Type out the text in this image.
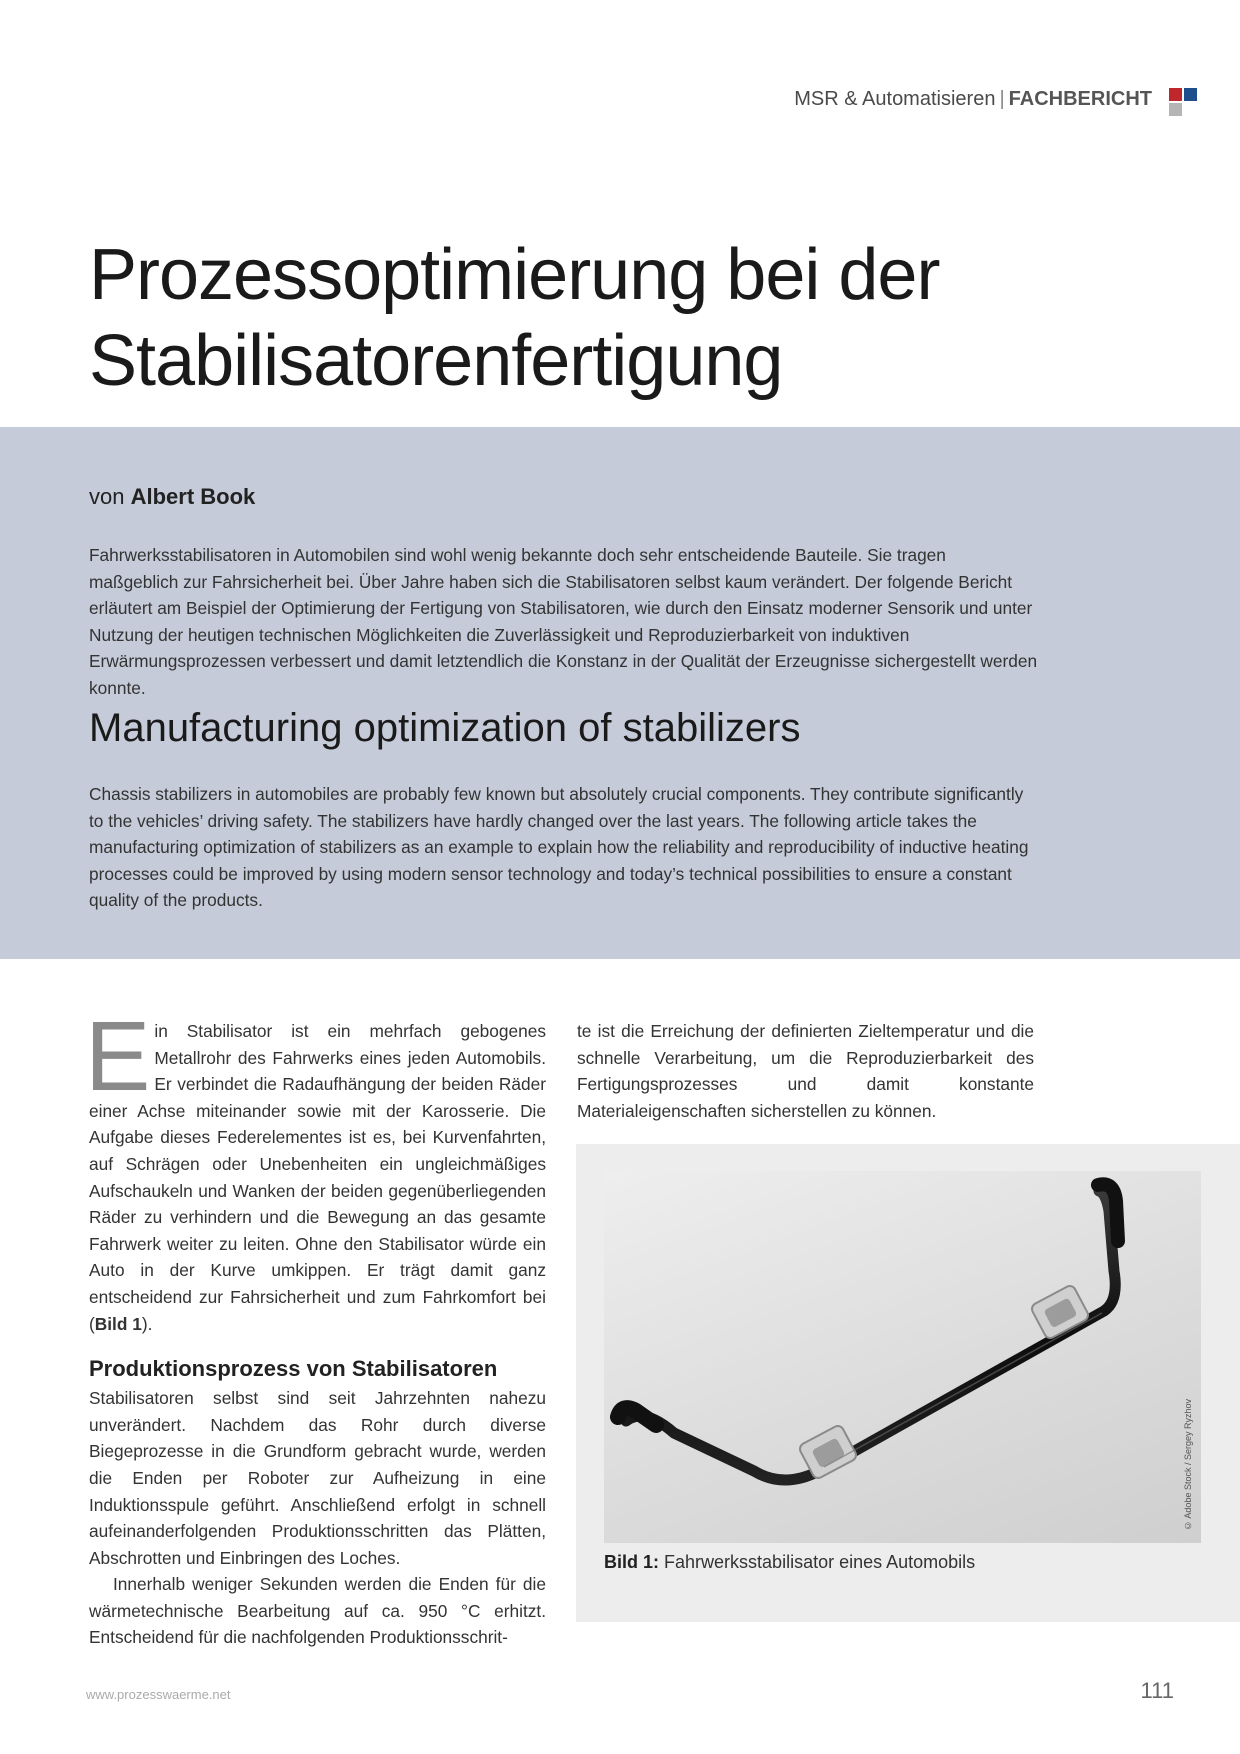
MSR & Automatisieren | FACHBERICHT
Prozessoptimierung bei der
Stabilisatorenfertigung
von Albert Book

Fahrwerksstabilisatoren in Automobilen sind wohl wenig bekannte doch sehr entscheidende Bauteile. Sie tragen maßgeblich zur Fahrsicherheit bei. Über Jahre haben sich die Stabilisatoren selbst kaum verändert. Der folgende Bericht erläutert am Beispiel der Optimierung der Fertigung von Stabilisatoren, wie durch den Einsatz moderner Sensorik und unter Nutzung der heutigen technischen Möglichkeiten die Zuverlässigkeit und Reproduzierbarkeit von induktiven Erwärmungsprozessen verbessert und damit letztendlich die Konstanz in der Qualität der Erzeugnisse sichergestellt werden konnte.

Manufacturing optimization of stabilizers

Chassis stabilizers in automobiles are probably few known but absolutely crucial components. They contribute significantly to the vehicles’ driving safety. The stabilizers have hardly changed over the last years. The following article takes the manufacturing optimization of stabilizers as an example to explain how the reliability and reproducibility of inductive heating processes could be improved by using modern sensor technology and today’s technical possibilities to ensure a constant quality of the products.

Ein Stabilisator ist ein mehrfach gebogenes Metallrohr des Fahrwerks eines jeden Automobils. Er verbindet die Radaufhängung der beiden Räder einer Achse miteinander sowie mit der Karosserie. Die Aufgabe dieses Federelementes ist es, bei Kurvenfahrten, auf Schrägen oder Unebenheiten ein ungleichmäßiges Aufschaukeln und Wanken der beiden gegenüberliegenden Räder zu verhindern und die Bewegung an das gesamte Fahrwerk weiter zu leiten. Ohne den Stabilisator würde ein Auto in der Kurve umkippen. Er trägt damit ganz entscheidend zur Fahrsicherheit und zum Fahrkomfort bei (Bild 1).

Produktionsprozess von Stabilisatoren

Stabilisatoren selbst sind seit Jahrzehnten nahezu unverändert. Nachdem das Rohr durch diverse Biegeprozesse in die Grundform gebracht wurde, werden die Enden per Roboter zur Aufheizung in eine Induktionsspule geführt. Anschließend erfolgt in schnell aufeinanderfolgenden Produktionsschritten das Plätten, Abschrotten und Einbringen des Loches.

Innerhalb weniger Sekunden werden die Enden für die wärmetechnische Bearbeitung auf ca. 950 °C erhitzt. Entscheidend für die nachfolgenden Produktionsschrit-

te ist die Erreichung der definierten Zieltemperatur und die schnelle Verarbeitung, um die Reproduzierbarkeit des Fertigungsprozesses und damit konstante Materialeigenschaften sicherstellen zu können.

© Adobe Stock / Sergey Ryzhov
Bild 1: Fahrwerksstabilisator eines Automobils
www.prozesswaerme.net	111
